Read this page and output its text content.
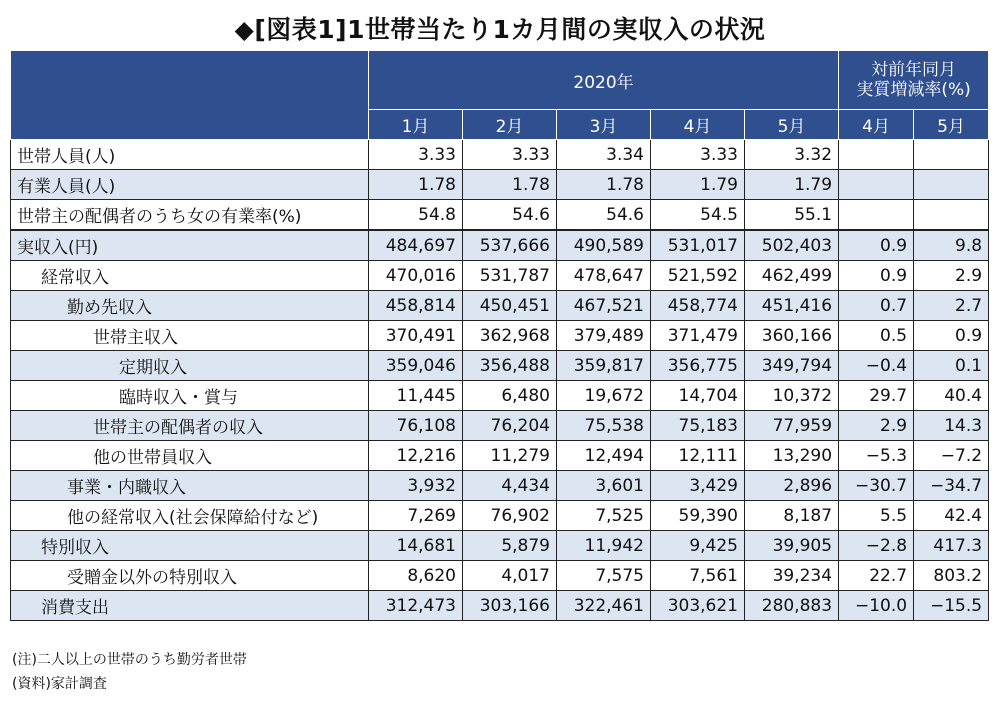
◆[図表1]1世帯当たり1カ月間の実収入の状況
	2020年					対前年同月
実質増減率(%)	
	1月	2月	3月	4月	5月	4月	5月
世帯人員(人)	3.33	3.33	3.34	3.33	3.32		
有業人員(人)	1.78	1.78	1.78	1.79	1.79		
世帯主の配偶者のうち女の有業率(%)	54.8	54.6	54.6	54.5	55.1		
実収入(円)	484,697	537,666	490,589	531,017	502,403	0.9	9.8
経常収入	470,016	531,787	478,647	521,592	462,499	0.9	2.9
勤め先収入	458,814	450,451	467,521	458,774	451,416	0.7	2.7
世帯主収入	370,491	362,968	379,489	371,479	360,166	0.5	0.9
定期収入	359,046	356,488	359,817	356,775	349,794	−0.4	0.1
臨時収入・賞与	11,445	6,480	19,672	14,704	10,372	29.7	40.4
世帯主の配偶者の収入	76,108	76,204	75,538	75,183	77,959	2.9	14.3
他の世帯員収入	12,216	11,279	12,494	12,111	13,290	−5.3	−7.2
事業・内職収入	3,932	4,434	3,601	3,429	2,896	−30.7	−34.7
他の経常収入(社会保障給付など)	7,269	76,902	7,525	59,390	8,187	5.5	42.4
特別収入	14,681	5,879	11,942	9,425	39,905	−2.8	417.3
受贈金以外の特別収入	8,620	4,017	7,575	7,561	39,234	22.7	803.2
消費支出	312,473	303,166	322,461	303,621	280,883	−10.0	−15.5
(注)二人以上の世帯のうち勤労者世帯
(資料)家計調査
